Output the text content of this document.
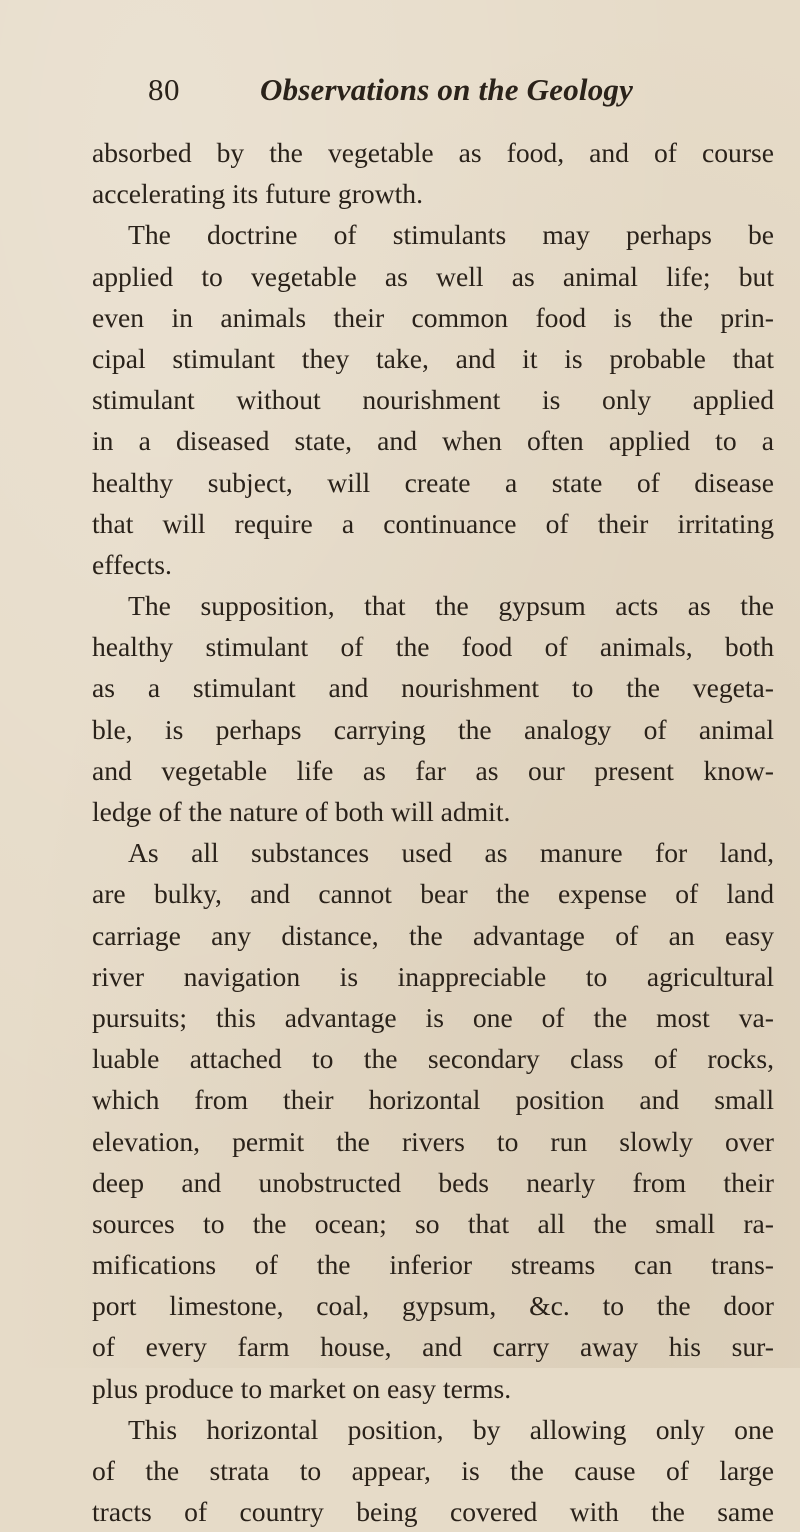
80	Observations on the Geology
absorbed by the vegetable as food, and of course
accelerating its future growth.
The doctrine of stimulants may perhaps be
applied to vegetable as well as animal life; but
even in animals their common food is the prin-
cipal stimulant they take, and it is probable that
stimulant without nourishment is only applied
in a diseased state, and when often applied to a
healthy subject, will create a state of disease
that will require a continuance of their irritating
effects.
The supposition, that the gypsum acts as the
healthy stimulant of the food of animals, both
as a stimulant and nourishment to the vegeta-
ble, is perhaps carrying the analogy of animal
and vegetable life as far as our present know-
ledge of the nature of both will admit.
As all substances used as manure for land,
are bulky, and cannot bear the expense of land
carriage any distance, the advantage of an easy
river navigation is inappreciable to agricultural
pursuits; this advantage is one of the most va-
luable attached to the secondary class of rocks,
which from their horizontal position and small
elevation, permit the rivers to run slowly over
deep and unobstructed beds nearly from their
sources to the ocean; so that all the small ra-
mifications of the inferior streams can trans-
port limestone, coal, gypsum, &c. to the door
of every farm house, and carry away his sur-
plus produce to market on easy terms.
This horizontal position, by allowing only one
of the strata to appear, is the cause of large
tracts of country being covered with the same
